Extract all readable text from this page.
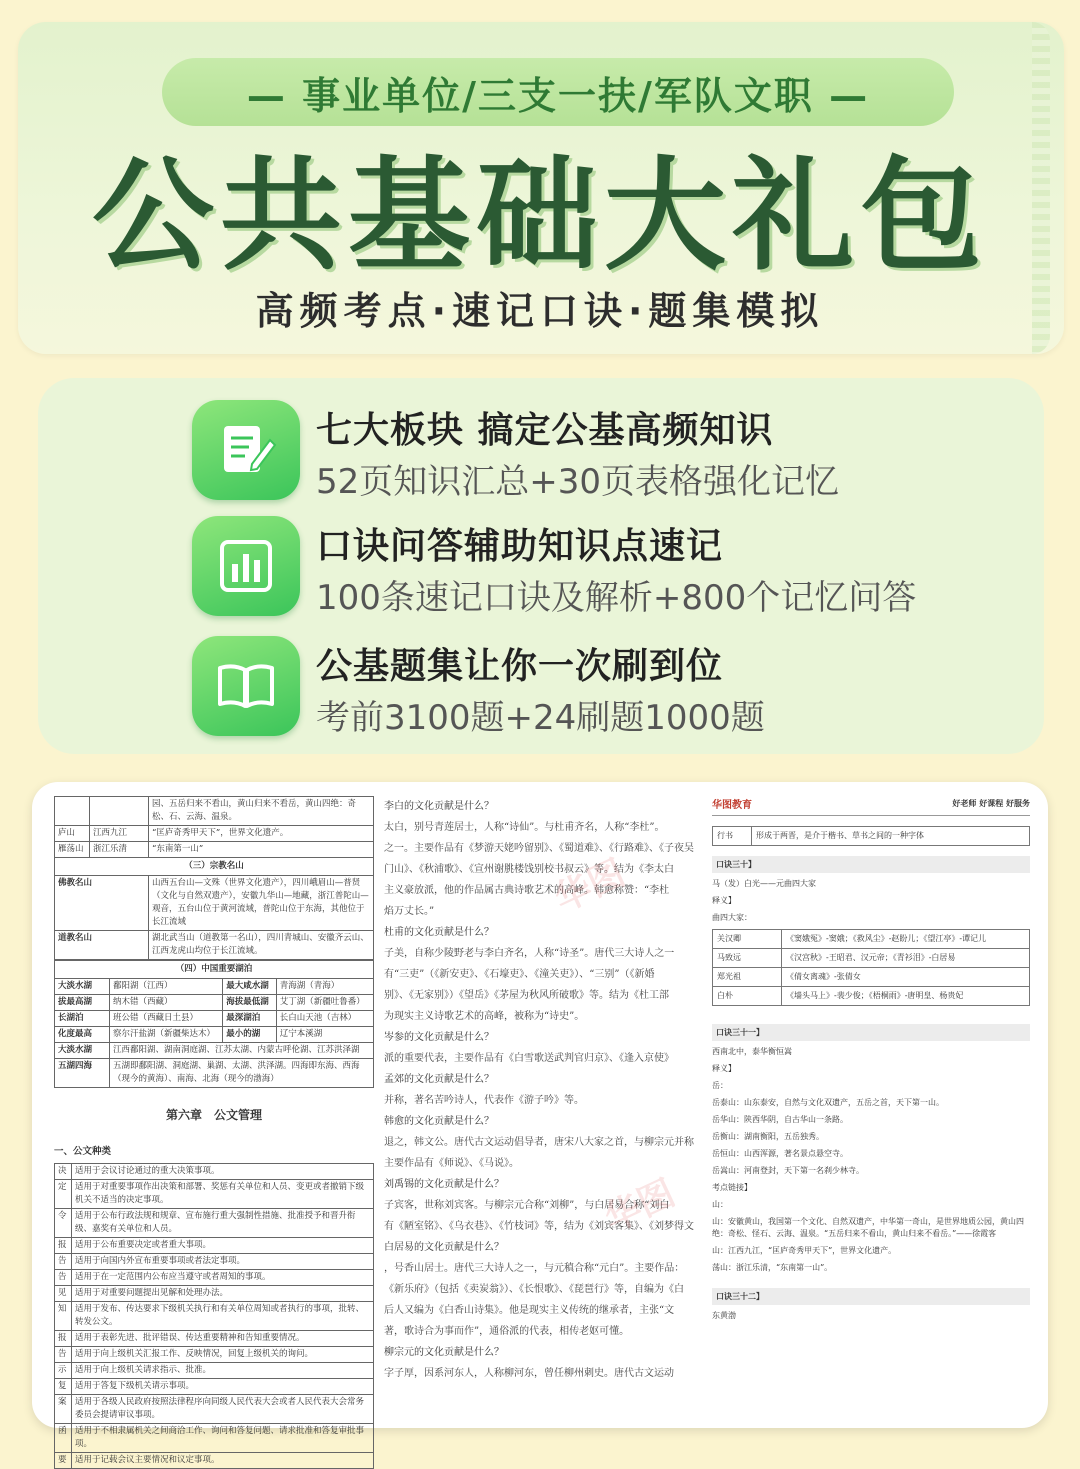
— 事业单位/三支一扶/军队文职 —
公共基础大礼包
高频考点·速记口诀·题集模拟
七大板块 搞定公基高频知识
52页知识汇总+30页表格强化记忆
口诀问答辅助知识点速记
100条速记口诀及解析+800个记忆问答
公基题集让你一次刷到位
考前3100题+24刷题1000题
		园、五岳归来不看山，黄山归来不看岳，黄山四绝：奇松、石、云海、温泉。
庐山	江西九江	“匡庐奇秀甲天下”，世界文化遗产。
雁荡山	浙江乐清	“东南第一山”
（三）宗教名山		
佛教名山		山西五台山—文殊（世界文化遗产），四川峨眉山—普贤（文化与自然双遗产），安徽九华山—地藏，浙江普陀山—观音，五台山位于黄河流域，普陀山位于东海，其他位于长江流域
道教名山		湖北武当山（道教第一名山），四川青城山、安徽齐云山、江西龙虎山均位于长江流域。
（四）中国重要湖泊			
大淡水湖	鄱阳湖（江西）	最大咸水湖	青海湖（青海）
拔最高湖	纳木错（西藏）	海拔最低湖	艾丁湖（新疆吐鲁番）
长湖泊	班公错（西藏日土县）	最深湖泊	长白山天池（吉林）
化度最高	察尔汗盐湖（新疆柴达木）	最小的湖	辽宁本溪湖
大淡水湖	江西鄱阳湖、湖南洞庭湖、江苏太湖、内蒙古呼伦湖、江苏洪泽湖		
五湖四海	五湖即鄱阳湖、洞庭湖、巢湖、太湖、洪泽湖。四海即东海、西海（现今的黄海）、南海、北海（现今的渤海）		
第六章　公文管理
一、公文种类
决	适用于会议讨论通过的重大决策事项。
定	适用于对重要事项作出决策和部署、奖惩有关单位和人员、变更或者撤销下级机关不适当的决定事项。
令	适用于公布行政法规和规章、宣布施行重大强制性措施、批准授予和晋升衔级、嘉奖有关单位和人员。
报	适用于公布重要决定或者重大事项。
告	适用于向国内外宣布重要事项或者法定事项。
告	适用于在一定范围内公布应当遵守或者周知的事项。
见	适用于对重要问题提出见解和处理办法。
知	适用于发布、传达要求下级机关执行和有关单位周知或者执行的事项，批转、转发公文。
报	适用于表彰先进、批评错误、传达重要精神和告知重要情况。
告	适用于向上级机关汇报工作、反映情况，回复上级机关的询问。
示	适用于向上级机关请求指示、批准。
复	适用于答复下级机关请示事项。
案	适用于各级人民政府按照法律程序向同级人民代表大会或者人民代表大会常务委员会提请审议事项。
函	适用于不相隶属机关之间商洽工作、询问和答复问题、请求批准和答复审批事项。
要	适用于记载会议主要情况和议定事项。
李白的文化贡献是什么？
太白，别号青莲居士，人称“诗仙”。与杜甫齐名，人称“李杜”。
之一。主要作品有《梦游天姥吟留别》、《蜀道难》、《行路难》、《子夜吴
门山》、《秋浦歌》、《宣州谢朓楼饯别校书叔云》等。结为《李太白
主义豪放派，他的作品属古典诗歌艺术的高峰。韩愈称赞：“李杜
焰万丈长。”
杜甫的文化贡献是什么？
子美，自称少陵野老与李白齐名，人称“诗圣”。唐代三大诗人之一
有“三吏”（《新安吏》、《石壕吏》、《潼关吏》）、“三别”（《新婚
别》、《无家别》）《望岳》《茅屋为秋风所破歌》等。结为《杜工部
为现实主义诗歌艺术的高峰，被称为“诗史”。
岑参的文化贡献是什么？
派的重要代表，主要作品有《白雪歌送武判官归京》、《逢入京使》
孟郊的文化贡献是什么？
并称，著名苦吟诗人，代表作《游子吟》等。
韩愈的文化贡献是什么？
退之，韩文公。唐代古文运动倡导者，唐宋八大家之首，与柳宗元并称
主要作品有《师说》、《马说》。
刘禹锡的文化贡献是什么？
子宾客，世称刘宾客。与柳宗元合称“刘柳”，与白居易合称“刘白
有《陋室铭》、《乌衣巷》、《竹枝词》等，结为《刘宾客集》、《刘梦得文
白居易的文化贡献是什么？
，号香山居士。唐代三大诗人之一，与元稹合称“元白”。主要作品：
《新乐府》（包括《卖炭翁》）、《长恨歌》、《琵琶行》等，自编为《白
后人又编为《白香山诗集》。他是现实主义传统的继承者，主张“文
著，歌诗合为事而作”，通俗派的代表，相传老妪可懂。
柳宗元的文化贡献是什么？
字子厚，因系河东人，人称柳河东，曾任柳州刺史。唐代古文运动
华图
华图
华图教育	好老师 好课程 好服务
行书	形成于两晋，是介于楷书、草书之间的一种字体
口诀三十】
马（发）白光——元曲四大家
释义】
曲四大家：
关汉卿	《窦娥冤》-窦娥；《救风尘》-赵盼儿；《望江亭》-谭记儿
马致远	《汉宫秋》-王昭君、汉元帝；《青衫泪》-白居易
郑光祖	《倩女离魂》-张倩女
白朴	《墙头马上》-裴少俊；《梧桐雨》-唐明皇、杨贵妃
口诀三十一】
西南北中，泰华衡恒嵩
释义】
岳：
岳泰山：山东泰安，自然与文化双遗产，五岳之首，天下第一山。
岳华山：陕西华阴，自古华山一条路。
岳衡山：湖南衡阳，五岳独秀。
岳恒山：山西浑源，著名景点悬空寺。
岳嵩山：河南登封，天下第一名刹少林寺。
考点链接】
山：
山：安徽黄山，我国第一个文化、自然双遗产，中华第一奇山，是世界地质公园，黄山四绝：奇松、怪石、云海、温泉。“五岳归来不看山，黄山归来不看岳。”——徐霞客
山：江西九江，“匡庐奇秀甲天下”，世界文化遗产。
荡山：浙江乐清，“东南第一山”。
口诀三十二】
东黄渤
